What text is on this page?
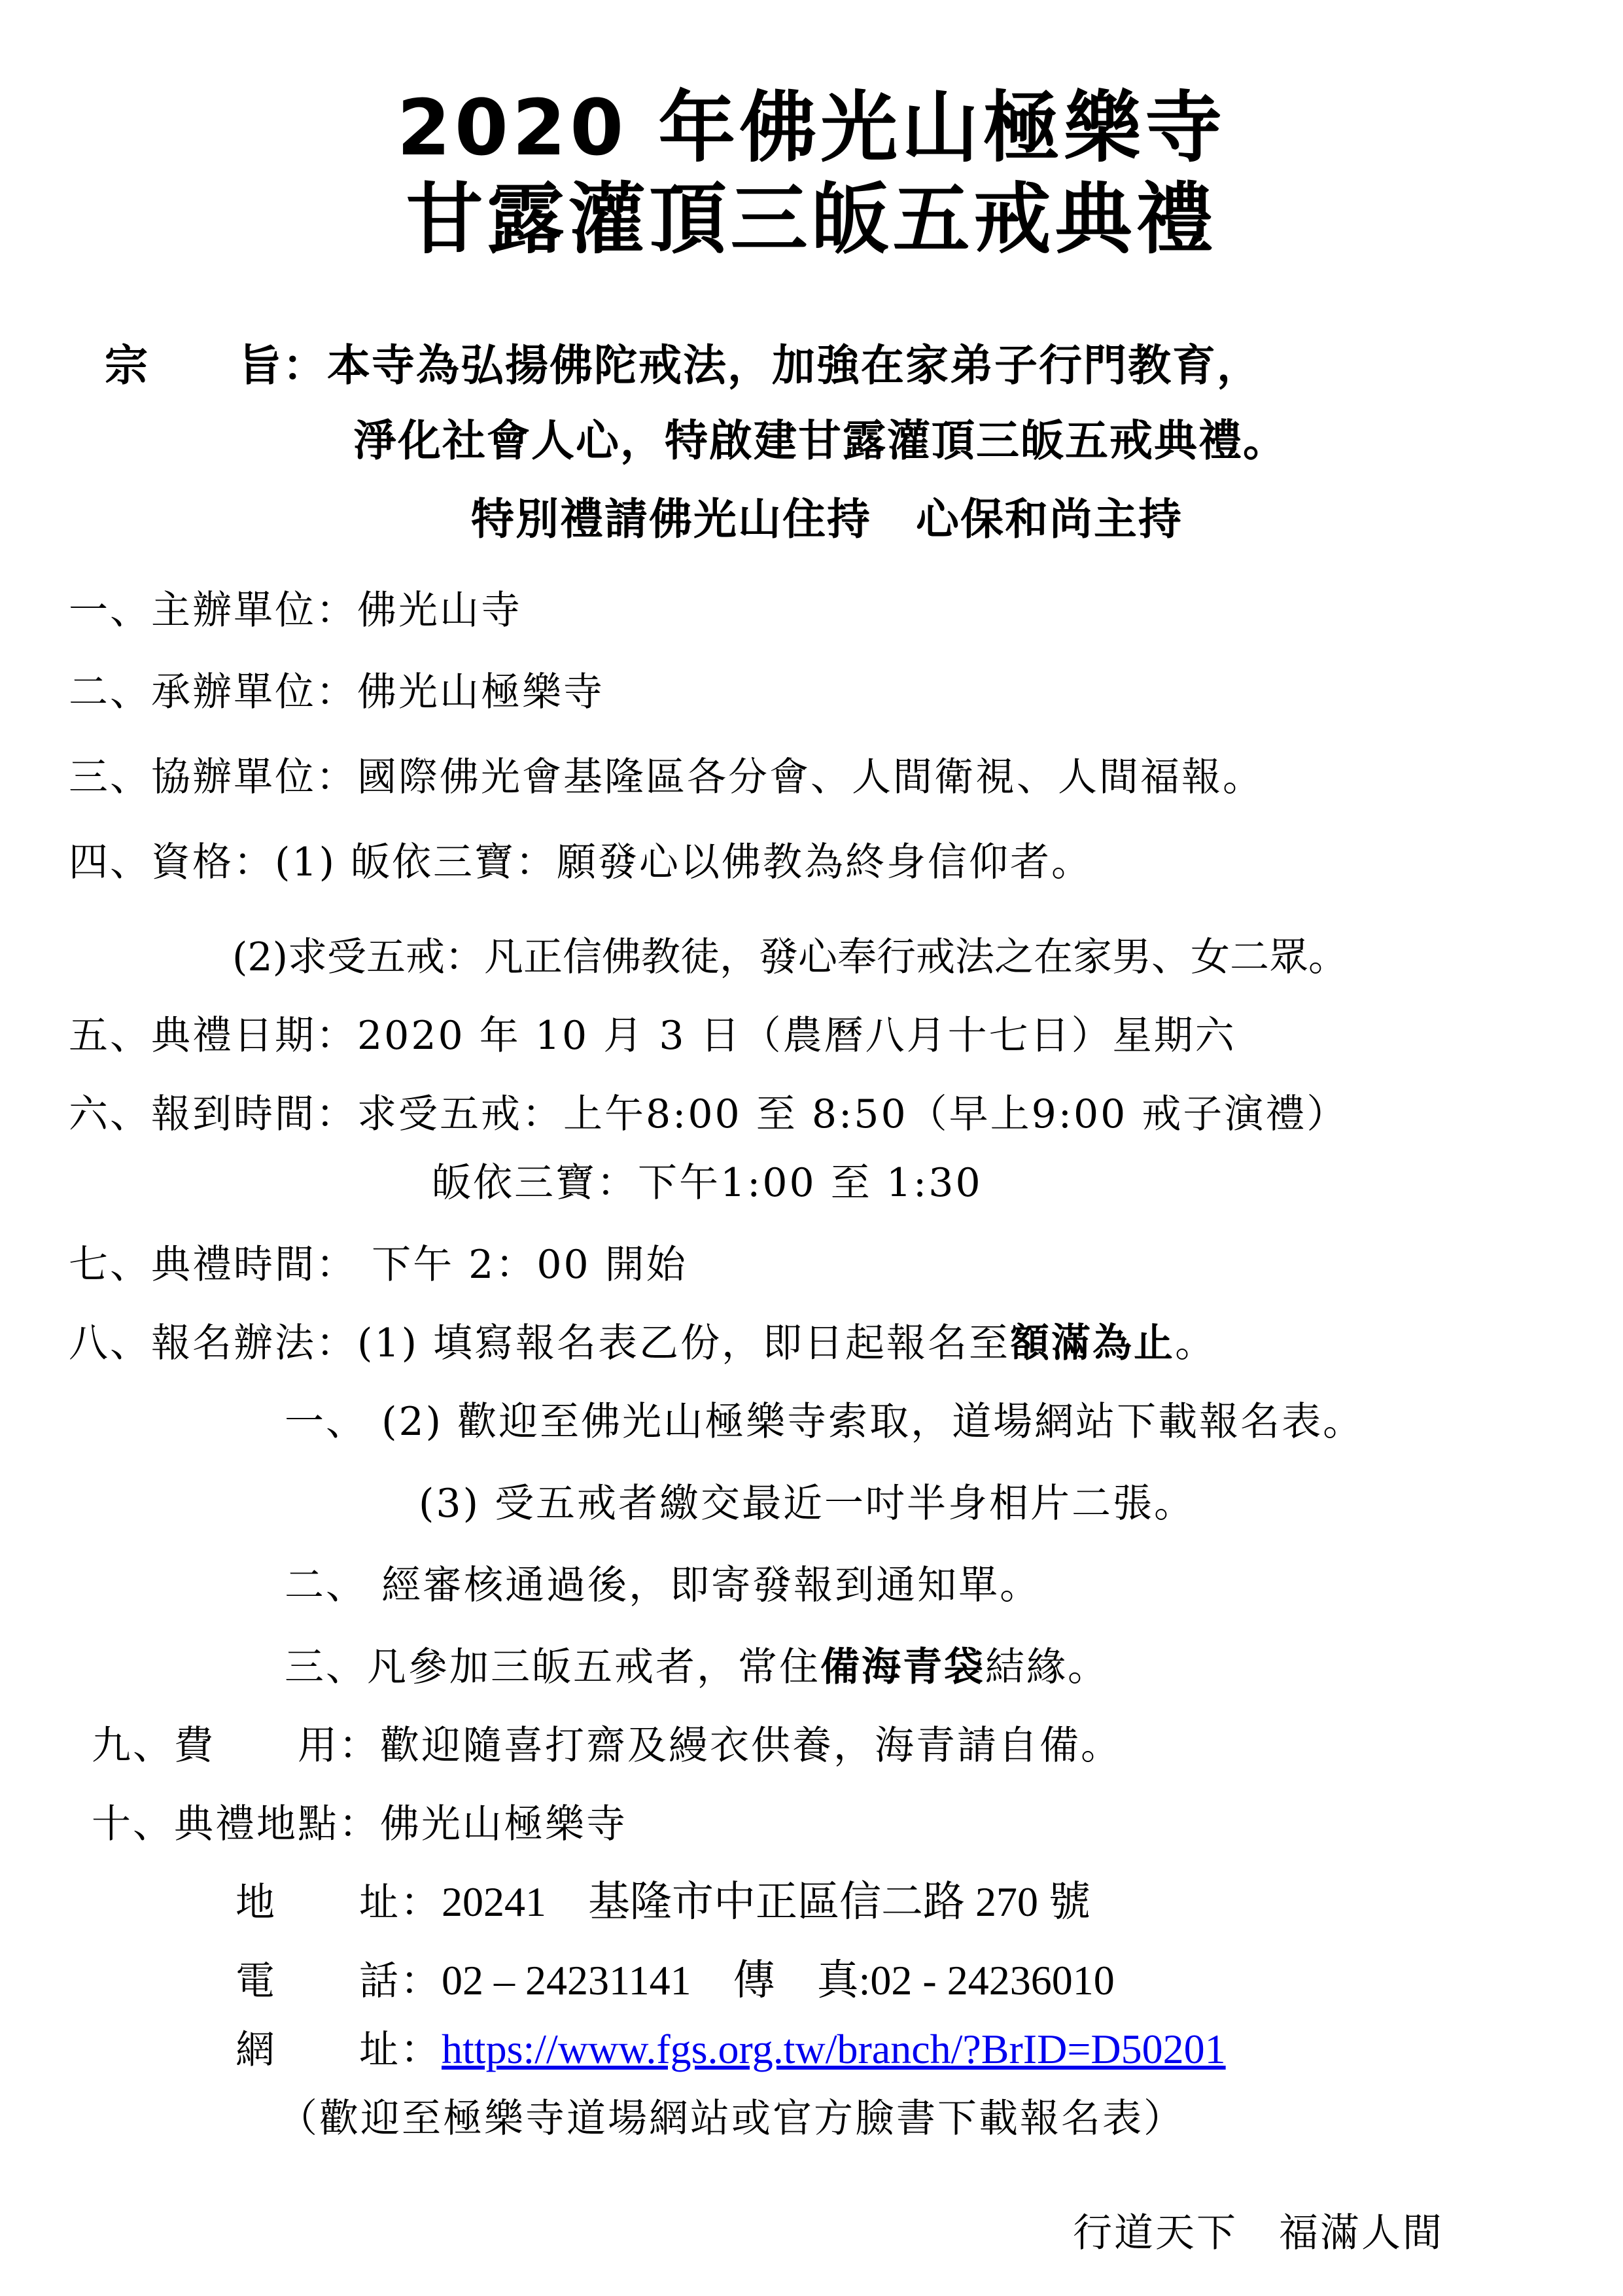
2020 年佛光山極樂寺
甘露灌頂三皈五戒典禮
宗　　旨：本寺為弘揚佛陀戒法，加強在家弟子行門教育，
淨化社會人心，特啟建甘露灌頂三皈五戒典禮。
特別禮請佛光山住持　心保和尚主持
一、主辦單位：佛光山寺
二、承辦單位：佛光山極樂寺
三、協辦單位：國際佛光會基隆區各分會、人間衛視、人間福報。
四、資格：(1) 皈依三寶：願發心以佛教為終身信仰者。
(2)求受五戒：凡正信佛教徒，發心奉行戒法之在家男、女二眾。
五、典禮日期：2020 年 10 月 3 日（農曆八月十七日）星期六
六、報到時間：求受五戒：上午8:00 至 8:50（早上9:00 戒子演禮）
皈依三寶：下午1:00 至 1:30
七、典禮時間： 下午 2：00 開始
八、報名辦法：(1) 填寫報名表乙份，即日起報名至額滿為止。
一、 (2) 歡迎至佛光山極樂寺索取，道場網站下載報名表。
(3) 受五戒者繳交最近一吋半身相片二張。
二、 經審核通過後，即寄發報到通知單。
三、凡參加三皈五戒者，常住備海青袋結緣。
九、費　　用：歡迎隨喜打齋及縵衣供養，海青請自備。
十、典禮地點：佛光山極樂寺
地　　址：20241　基隆市中正區信二路 270 號
電　　話：02 – 24231141　傳　真:02 - 24236010
網　　址：https://www.fgs.org.tw/branch/?BrID=D50201
（歡迎至極樂寺道場網站或官方臉書下載報名表）
行道天下　福滿人間
